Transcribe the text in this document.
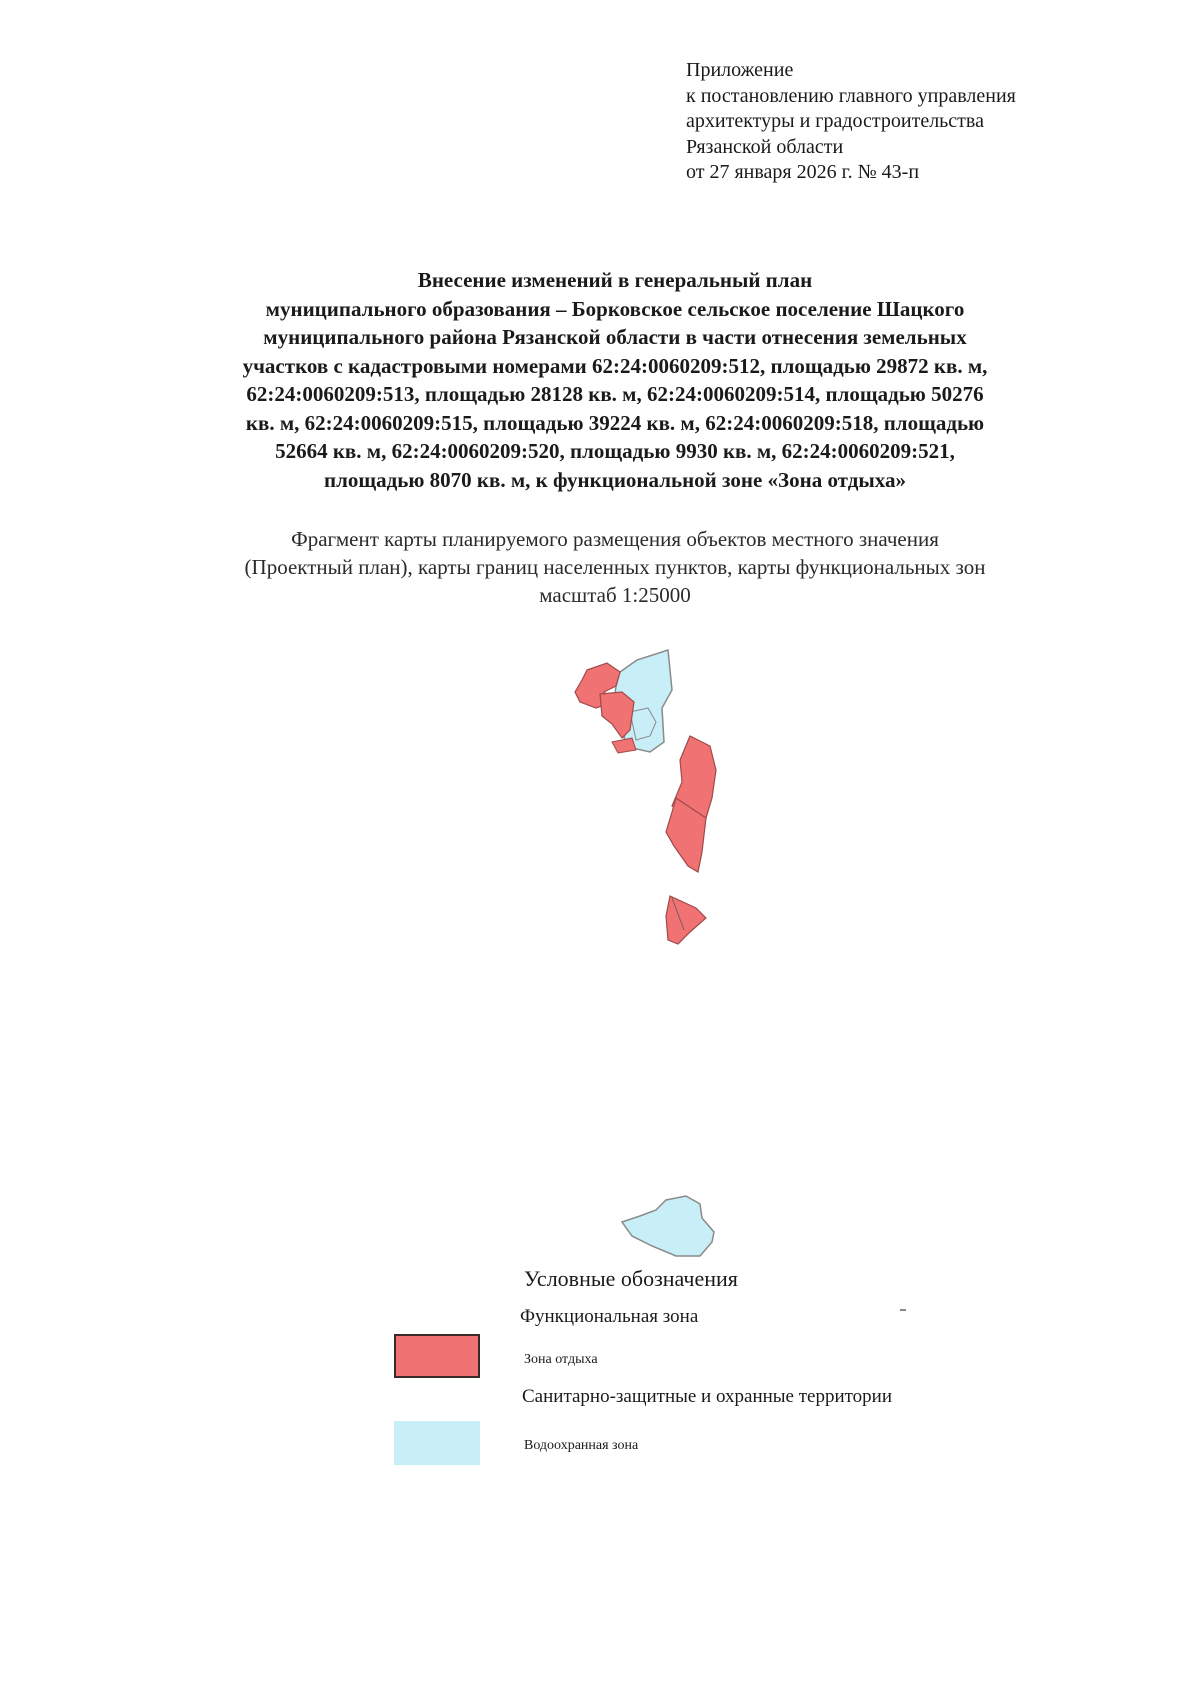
Приложение
к постановлению главного управления
архитектуры и градостроительства
Рязанской области
от 27 января 2026 г. № 43-п
Внесение изменений в генеральный план
муниципального образования – Борковское сельское поселение Шацкого
муниципального района Рязанской области в части отнесения земельных
участков с кадастровыми номерами 62:24:0060209:512, площадью 29872 кв. м,
62:24:0060209:513, площадью 28128 кв. м, 62:24:0060209:514, площадью 50276
кв. м, 62:24:0060209:515, площадью 39224 кв. м, 62:24:0060209:518, площадью
52664 кв. м, 62:24:0060209:520, площадью 9930 кв. м, 62:24:0060209:521,
площадью 8070 кв. м, к функциональной зоне «Зона отдыха»
Фрагмент карты планируемого размещения объектов местного значения
(Проектный план), карты границ населенных пунктов, карты функциональных зон
масштаб 1:25000
Условные обозначения
Функциональная зона
Зона отдыха
Санитарно-защитные и охранные территории
Водоохранная зона
